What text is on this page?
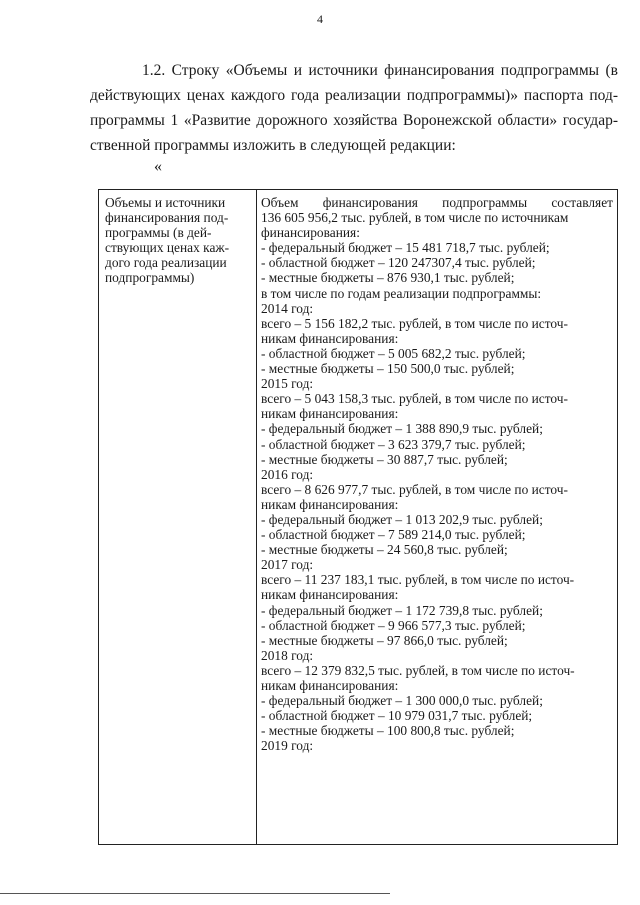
4

1.2. Строку «Объемы и источники финансирования подпрограммы (в действующих ценах каждого года реализации подпрограммы)» паспорта под- программы 1 «Развитие дорожного хозяйства Воронежской области» государ- ственной программы изложить в следующей редакции:

«
Объемы и источники
финансирования под-
программы (в дей-
ствующих ценах каж-
дого года реализации
подпрограммы)
Объем финансирования подпрограммы составляет
136 605 956,2 тыс. рублей, в том числе по источникам
финансирования:
- федеральный бюджет – 15 481 718,7 тыс. рублей;
- областной бюджет – 120 247307,4 тыс. рублей;
- местные бюджеты – 876 930,1 тыс. рублей;
в том числе по годам реализации подпрограммы:
2014 год:
всего – 5 156 182,2 тыс. рублей, в том числе по источ-
никам финансирования:
- областной бюджет – 5 005 682,2 тыс. рублей;
- местные бюджеты – 150 500,0 тыс. рублей;
2015 год:
всего – 5 043 158,3 тыс. рублей, в том числе по источ-
никам финансирования:
- федеральный бюджет – 1 388 890,9 тыс. рублей;
- областной бюджет – 3 623 379,7 тыс. рублей;
- местные бюджеты – 30 887,7 тыс. рублей;
2016 год:
всего – 8 626 977,7 тыс. рублей, в том числе по источ-
никам финансирования:
- федеральный бюджет – 1 013 202,9 тыс. рублей;
- областной бюджет – 7 589 214,0 тыс. рублей;
- местные бюджеты – 24 560,8 тыс. рублей;
2017 год:
всего – 11 237 183,1 тыс. рублей, в том числе по источ-
никам финансирования:
- федеральный бюджет – 1 172 739,8 тыс. рублей;
- областной бюджет – 9 966 577,3 тыс. рублей;
- местные бюджеты – 97 866,0 тыс. рублей;
2018 год:
всего – 12 379 832,5 тыс. рублей, в том числе по источ-
никам финансирования:
- федеральный бюджет – 1 300 000,0 тыс. рублей;
- областной бюджет – 10 979 031,7 тыс. рублей;
- местные бюджеты – 100 800,8 тыс. рублей;
2019 год:
